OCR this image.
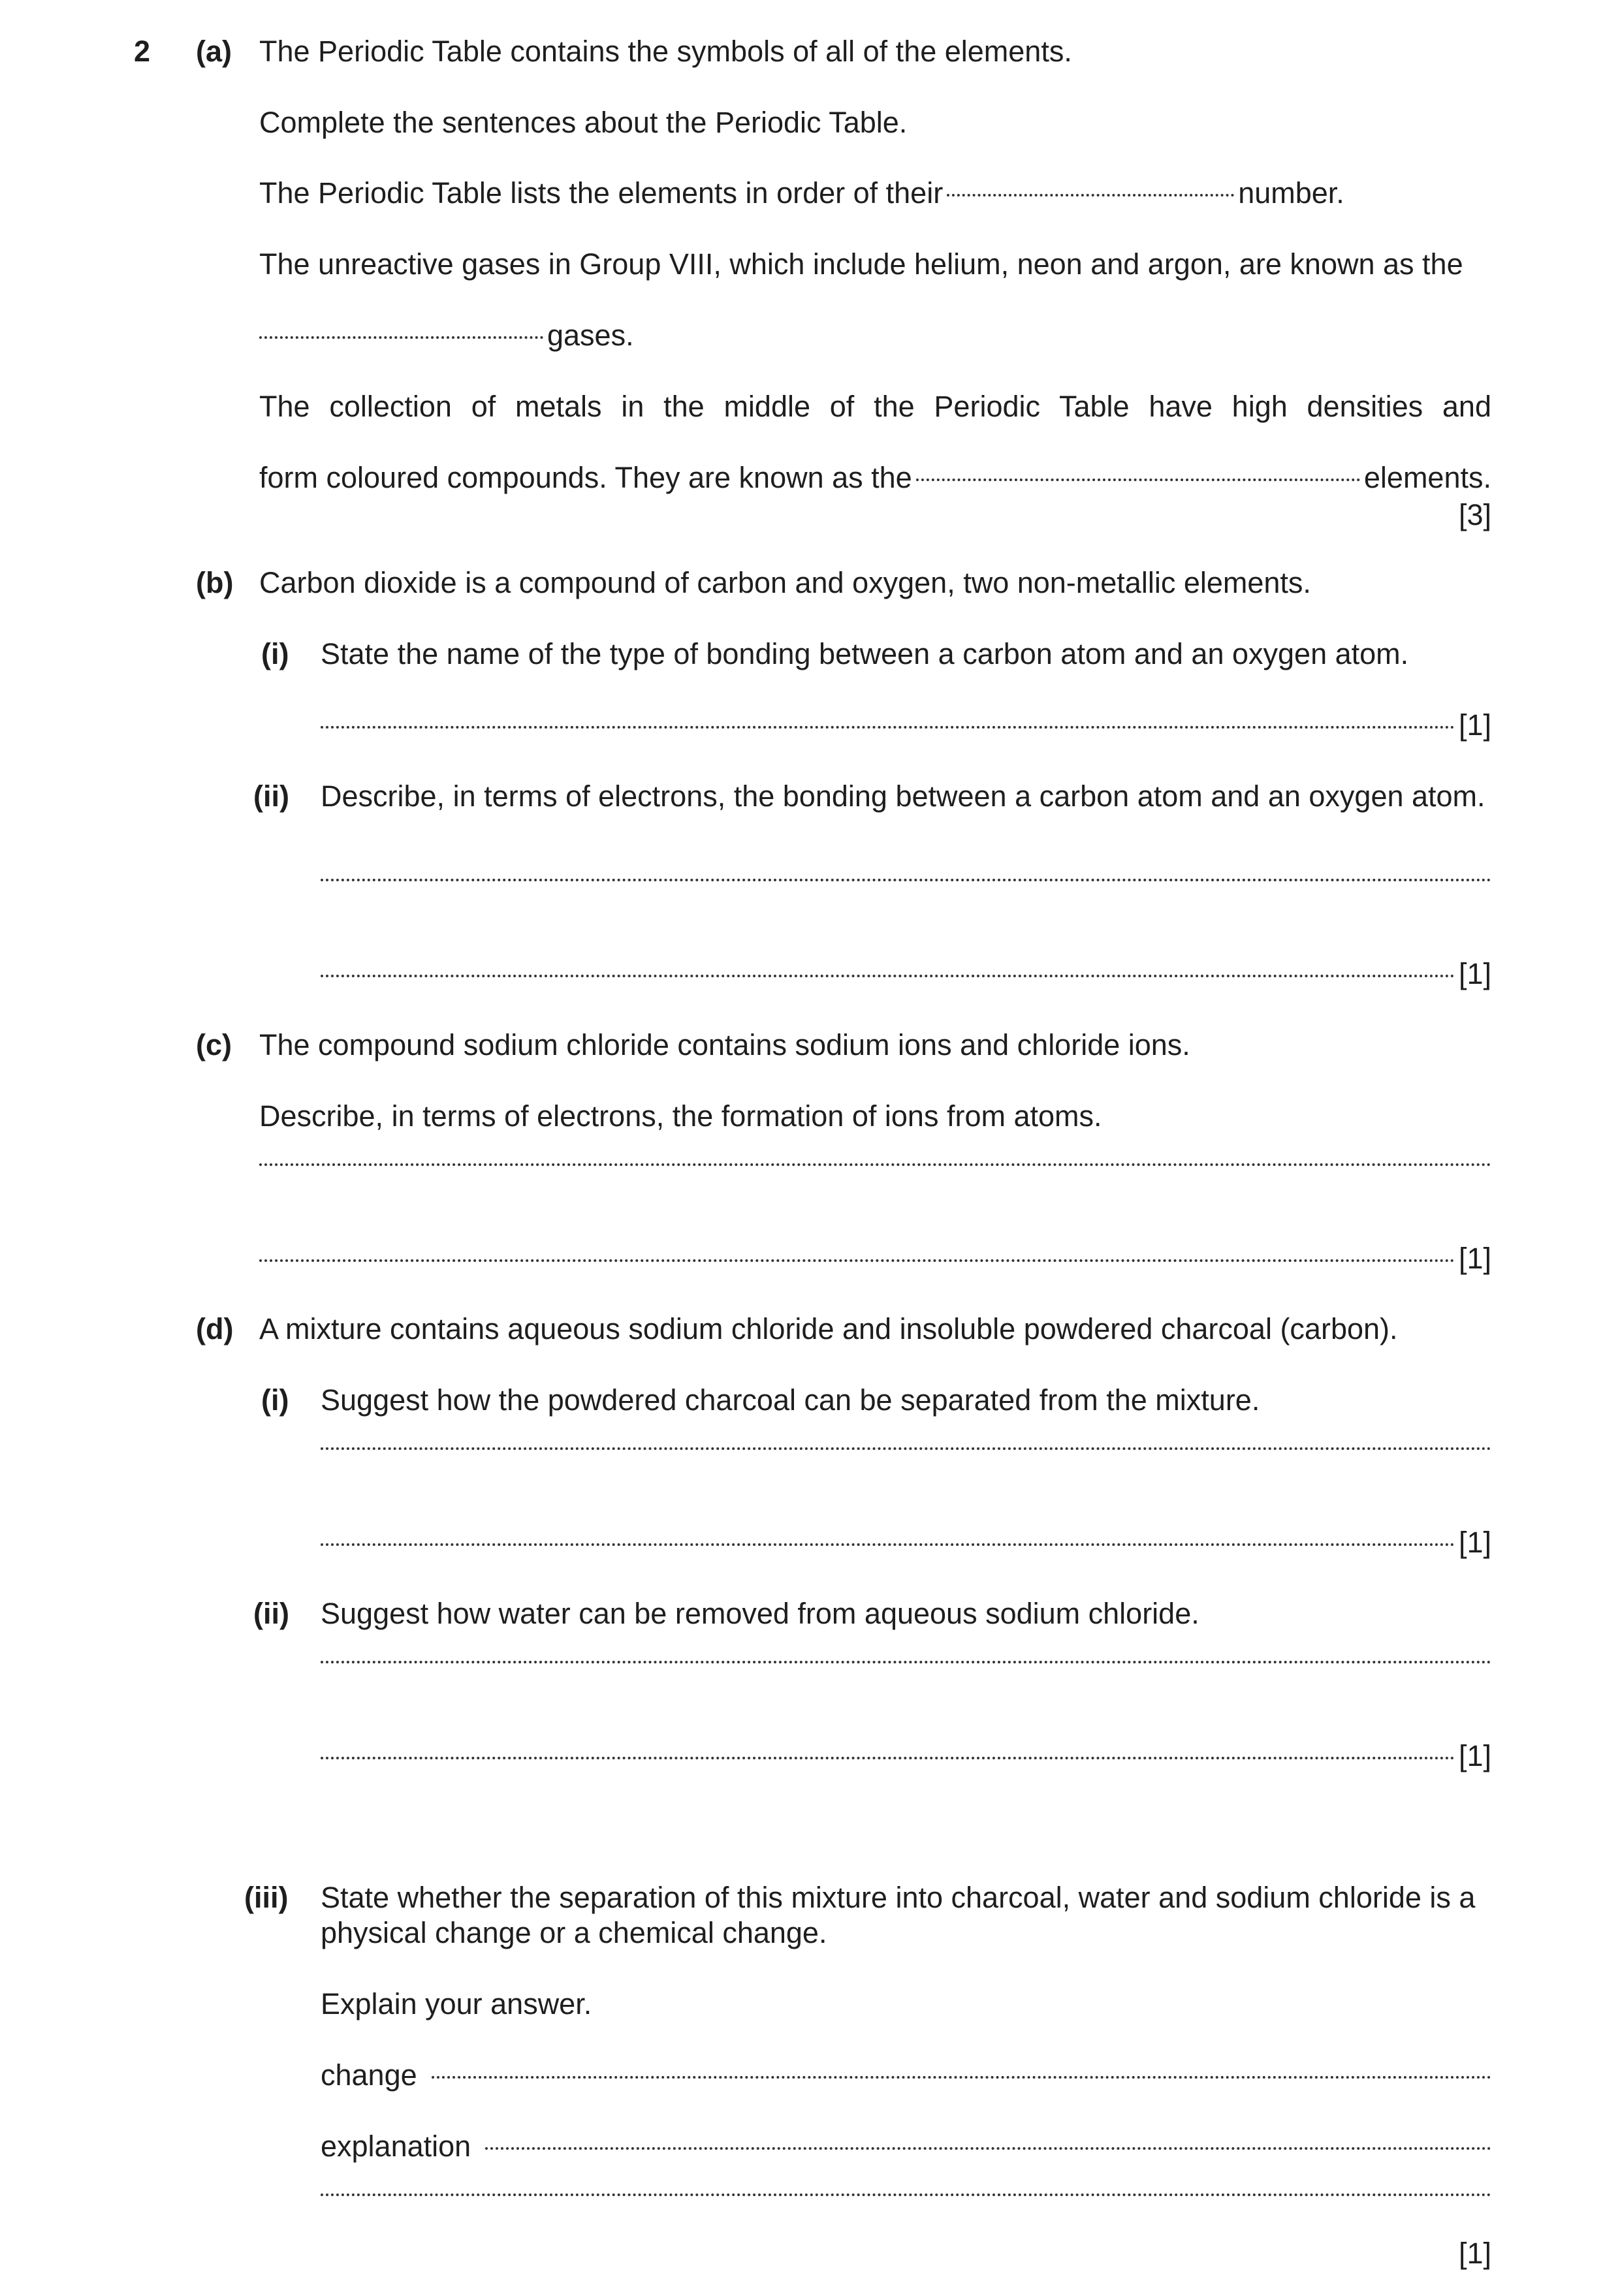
2 (a) The Periodic Table contains the symbols of all of the elements.
Complete the sentences about the Periodic Table.
The Periodic Table lists the elements in order of their	number.
The unreactive gases in Group VIII, which include helium, neon and argon, are known as the
gases.
The collection of metals in the middle of the Periodic Table have high densities and
form coloured compounds. They are known as the	elements.
[3]
(b) Carbon dioxide is a compound of carbon and oxygen, two non-metallic elements.
(i) State the name of the type of bonding between a carbon atom and an oxygen atom.
[1]
(ii) Describe, in terms of electrons, the bonding between a carbon atom and an oxygen atom.
[1]
(c) The compound sodium chloride contains sodium ions and chloride ions.
Describe, in terms of electrons, the formation of ions from atoms.
[1]
(d) A mixture contains aqueous sodium chloride and insoluble powdered charcoal (carbon).
(i) Suggest how the powdered charcoal can be separated from the mixture.
[1]
(ii) Suggest how water can be removed from aqueous sodium chloride.
[1]
(iii) State whether the separation of this mixture into charcoal, water and sodium chloride is a physical change or a chemical change.
Explain your answer.
change
explanation
[1]
